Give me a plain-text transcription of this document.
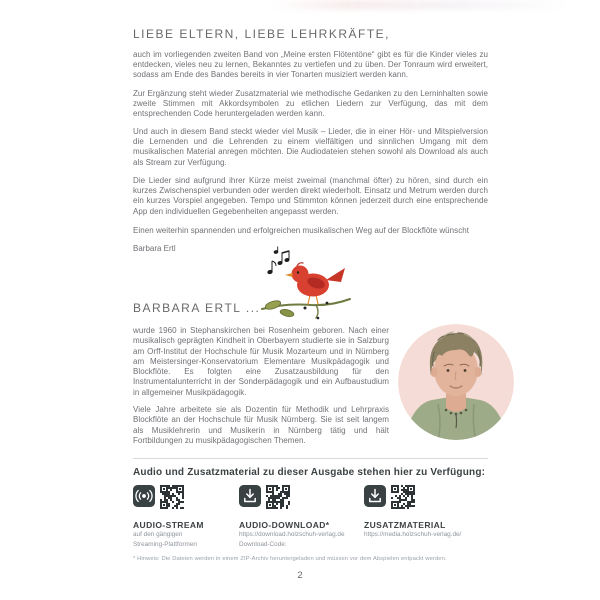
LIEBE ELTERN, LIEBE LEHRKRÄFTE,

auch im vorliegenden zweiten Band von „Meine ersten Flötentöne“ gibt es für die Kinder vieles zu entdecken, vieles neu zu lernen, Bekanntes zu vertiefen und zu üben. Der Tonraum wird erweitert, sodass am Ende des Bandes bereits in vier Tonarten musiziert werden kann.

Zur Ergänzung steht wieder Zusatzmaterial wie methodische Gedanken zu den Lerninhalten sowie zweite Stimmen mit Akkordsymbolen zu etlichen Liedern zur Verfügung, das mit dem entsprechenden Code heruntergeladen werden kann.

Und auch in diesem Band steckt wieder viel Musik – Lieder, die in einer Hör- und Mitspielversion die Lernenden und die Lehrenden zu einem vielfältigen und sinnlichen Umgang mit dem musikalischen Material anregen möchten. Die Audiodateien stehen sowohl als Download als auch als Stream zur Verfügung.

Die Lieder sind aufgrund ihrer Kürze meist zweimal (manchmal öfter) zu hören, sind durch ein kurzes Zwischenspiel verbunden oder werden direkt wiederholt. Einsatz und Metrum werden durch ein kurzes Vorspiel angegeben. Tempo und Stimmton können jederzeit durch eine entsprechende App den individuellen Gegebenheiten angepasst werden.

Einen weiterhin spannenden und erfolgreichen musikalischen Weg auf der Blockflöte wünscht

Barbara Ertl
BARBARA ERTL ...

wurde 1960 in Stephanskirchen bei Rosenheim geboren. Nach einer musikalisch geprägten Kindheit in Oberbayern studierte sie in Salzburg am Orff-Institut der Hochschule für Musik Mozarteum und in Nürnberg am Meistersinger-Konservatorium Elementare Musikpädagogik und Blockflöte. Es folgten eine Zusatzausbildung für den Instrumentalunterricht in der Sonderpädagogik und ein Aufbaustudium in allgemeiner Musikpädagogik.

Viele Jahre arbeitete sie als Dozentin für Methodik und Lehrpraxis Blockflöte an der Hochschule für Musik Nürnberg. Sie ist seit langem als Musiklehrerin und Musikerin in Nürnberg tätig und hält Fortbildungen zu musikpädagogischen Themen.

Audio und Zusatzmaterial zu dieser Ausgabe stehen hier zu Verfügung:
AUDIO-STREAM
auf den gängigen
Streaming-Plattformen
AUDIO-DOWNLOAD*
https://download.holzschuh-verlag.de
Download-Code:
ZUSATZMATERIAL
https://media.holzschuh-verlag.de/
* Hinweis: Die Dateien werden in einem ZIP-Archiv heruntergeladen und müssen vor dem Abspielen entpackt werden.
2
